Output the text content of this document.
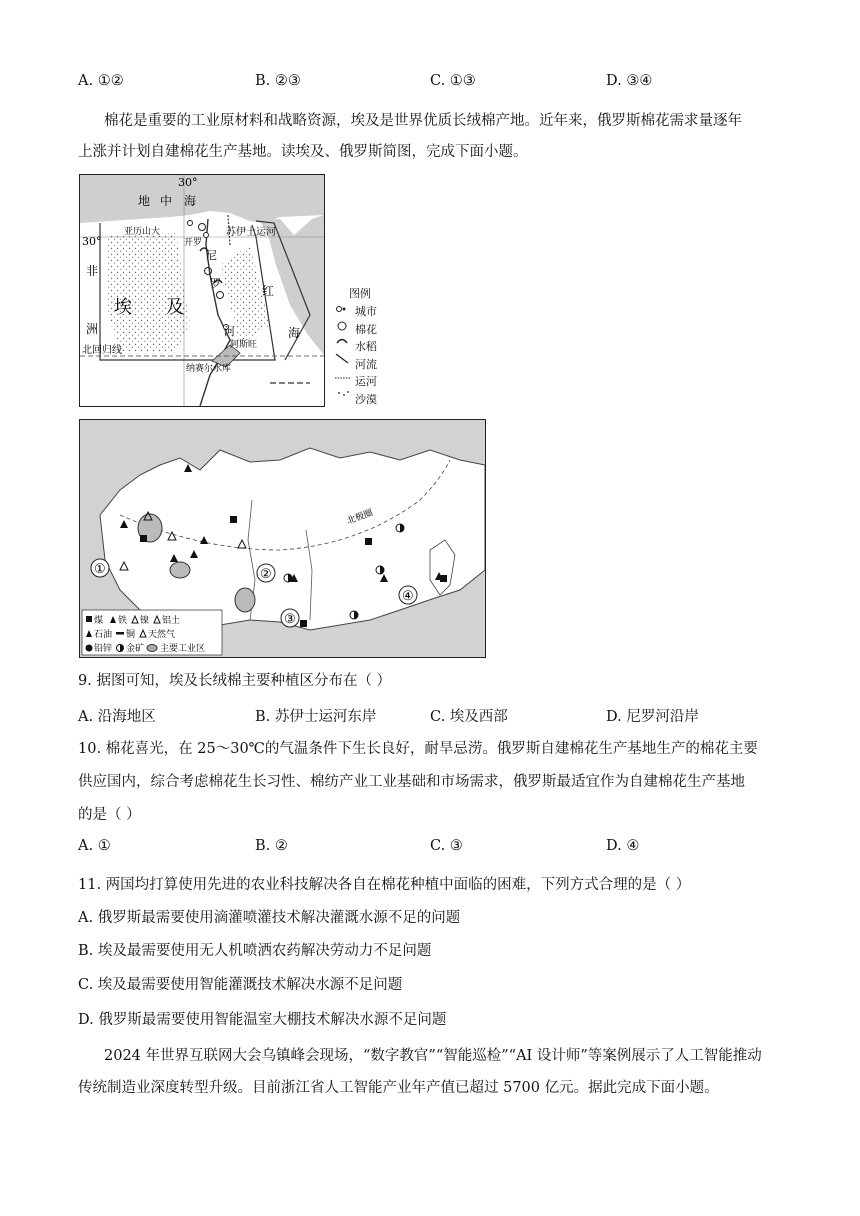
A. ①②	B. ②③	C. ①③	D. ③④
棉花是重要的工业原材料和战略资源，埃及是世界优质长绒棉产地。近年来，俄罗斯棉花需求量逐年
上涨并计划自建棉花生产基地。读埃及、俄罗斯简图，完成下面小题。
30°
30°
地 中 海
亚历山大	苏伊士运河
开罗
尼
罗
河
非
洲
埃 及
红
海
北回归线	阿斯旺
纳赛尔水库
图例
城市
棉花
水稻
河流
运河
沙漠
北极圈
①	②
③
④
煤 铁 镍 铝土
石油 铜 天然气
铅锌 金矿 主要工业区
9. 据图可知，埃及长绒棉主要种植区分布在（ ）
A. 沿海地区	B. 苏伊士运河东岸	C. 埃及西部	D. 尼罗河沿岸
10. 棉花喜光，在 25～30℃的气温条件下生长良好，耐旱忌涝。俄罗斯自建棉花生产基地生产的棉花主要
供应国内，综合考虑棉花生长习性、棉纺产业工业基础和市场需求，俄罗斯最适宜作为自建棉花生产基地
的是（ ）
A. ①	B. ②	C. ③	D. ④
11. 两国均打算使用先进的农业科技解决各自在棉花种植中面临的困难，下列方式合理的是（ ）
A. 俄罗斯最需要使用滴灌喷灌技术解决灌溉水源不足的问题
B. 埃及最需要使用无人机喷洒农药解决劳动力不足问题
C. 埃及最需要使用智能灌溉技术解决水源不足问题
D. 俄罗斯最需要使用智能温室大棚技术解决水源不足问题
2024 年世界互联网大会乌镇峰会现场，“数字教官”“智能巡检”“AI 设计师”等案例展示了人工智能推动
传统制造业深度转型升级。目前浙江省人工智能产业年产值已超过 5700 亿元。据此完成下面小题。
